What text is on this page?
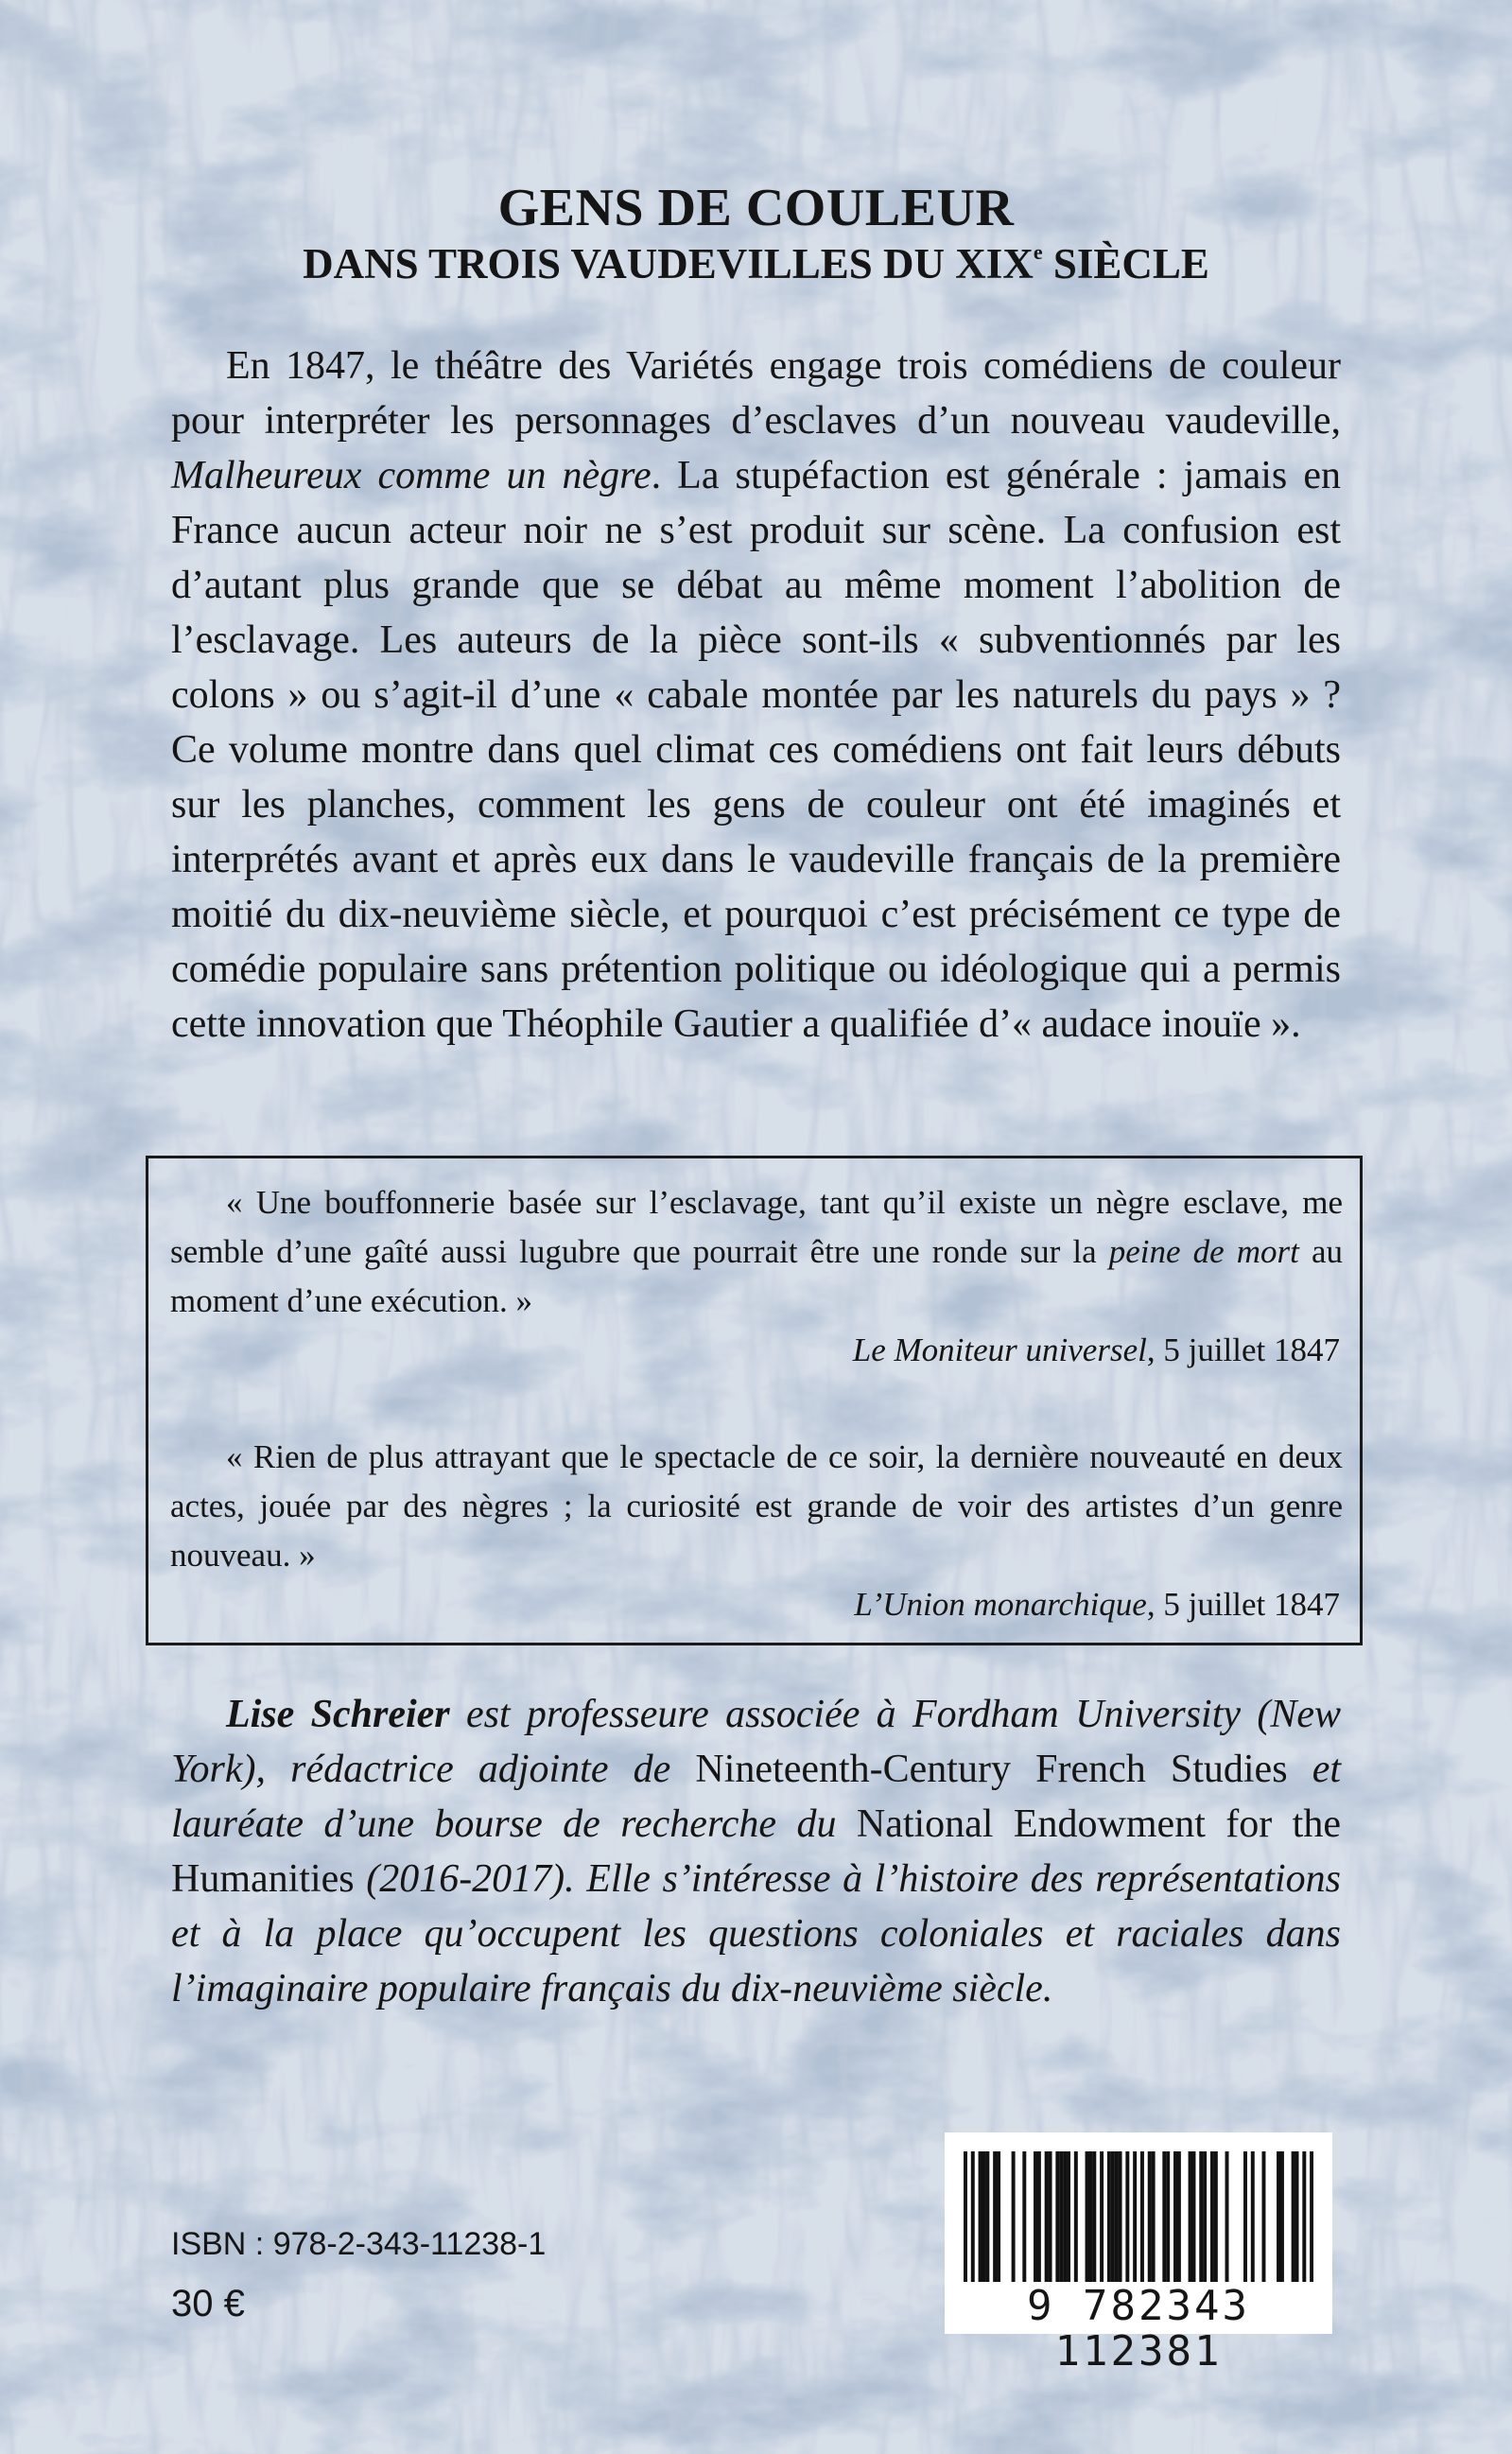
GENS DE COULEUR
DANS TROIS VAUDEVILLES DU XIXe SIÈCLE

En 1847, le théâtre des Variétés engage trois comédiens de couleur pour interpréter les personnages d’esclaves d’un nouveau vaudeville, Malheureux comme un nègre. La stupéfaction est générale : jamais en France aucun acteur noir ne s’est produit sur scène. La confusion est d’autant plus grande que se débat au même moment l’abolition de l’esclavage. Les auteurs de la pièce sont-ils « subventionnés par les colons » ou s’agit-il d’une « cabale montée par les naturels du pays » ? Ce volume montre dans quel climat ces comédiens ont fait leurs débuts sur les planches, comment les gens de couleur ont été imaginés et interprétés avant et après eux dans le vaudeville français de la première moitié du dix-neuvième siècle, et pourquoi c’est précisément ce type de comédie populaire sans prétention politique ou idéologique qui a permis cette innovation que Théophile Gautier a qualifiée d’« audace inouïe ».

« Une bouffonnerie basée sur l’esclavage, tant qu’il existe un nègre esclave, me semble d’une gaîté aussi lugubre que pourrait être une ronde sur la peine de mort au moment d’une exécution. »

Le Moniteur universel, 5 juillet 1847

« Rien de plus attrayant que le spectacle de ce soir, la dernière nouveauté en deux actes, jouée par des nègres ; la curiosité est grande de voir des artistes d’un genre nouveau. »

L’Union monarchique, 5 juillet 1847

Lise Schreier est professeure associée à Fordham University (New York), rédactrice adjointe de Nineteenth-Century French Studies et lauréate d’une bourse de recherche du National Endowment for the Humanities (2016-2017). Elle s’intéresse à l’histoire des représentations et à la place qu’occupent les questions coloniales et raciales dans l’imaginaire populaire français du dix-neuvième siècle.

ISBN : 978-2-343-11238-1

30 €	9 782343 112381
